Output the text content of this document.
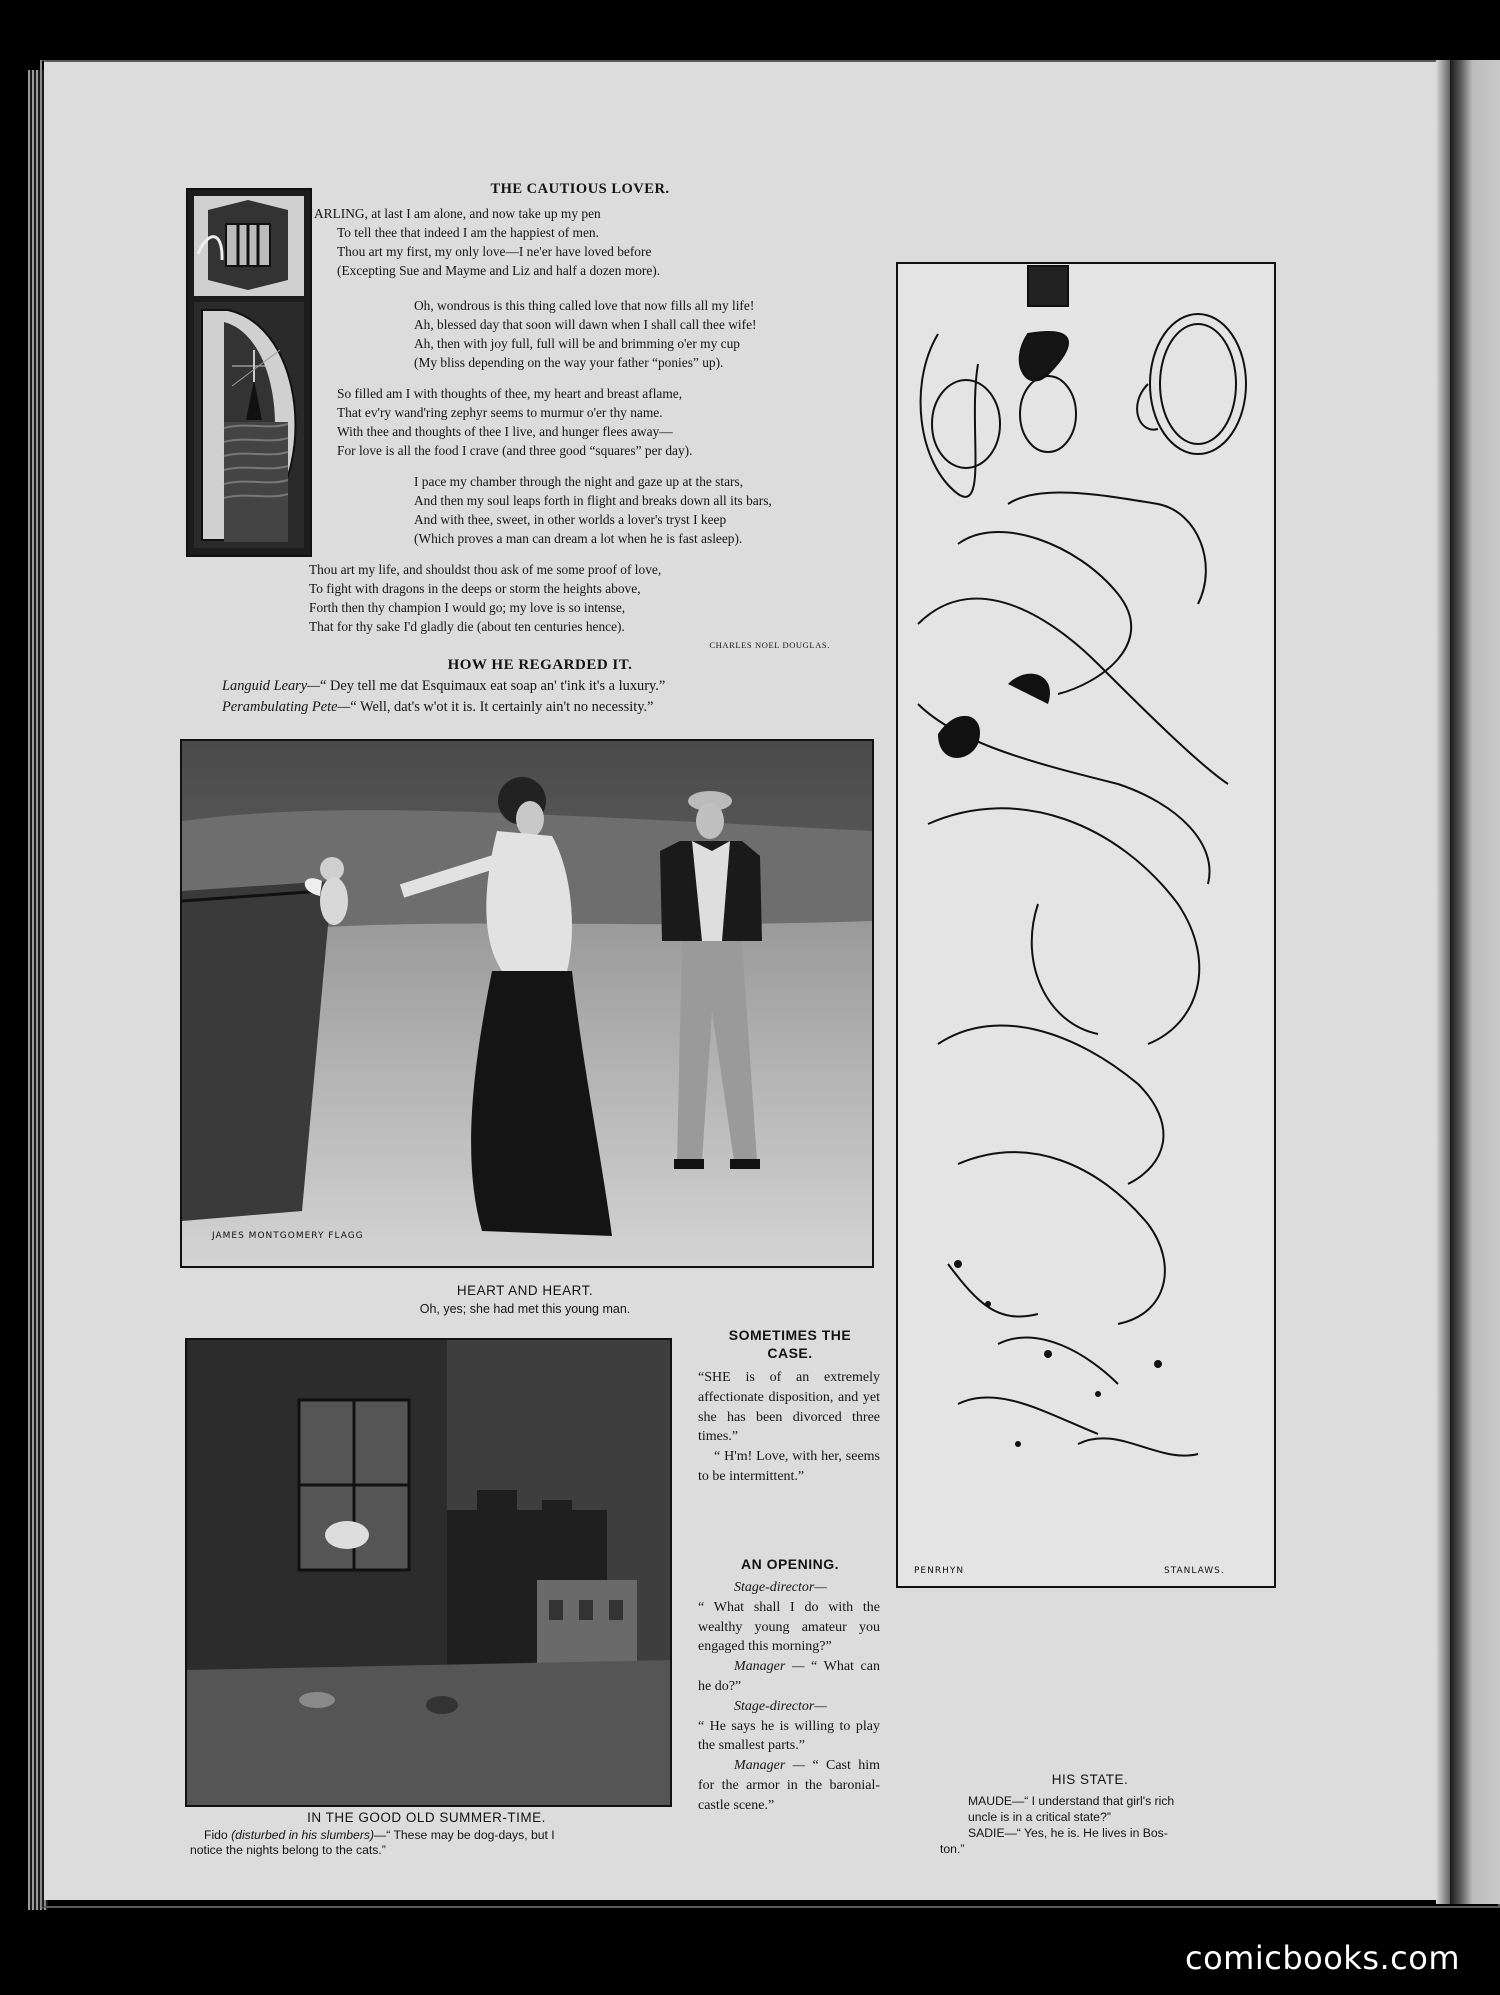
THE CAUTIOUS LOVER.
ARLING, at last I am alone, and now take up my pen
To tell thee that indeed I am the happiest of men.
Thou art my first, my only love—I ne'er have loved before
(Excepting Sue and Mayme and Liz and half a dozen more).
Oh, wondrous is this thing called love that now fills all my life!
Ah, blessed day that soon will dawn when I shall call thee wife!
Ah, then with joy full, full will be and brimming o'er my cup
(My bliss depending on the way your father “ponies” up).
So filled am I with thoughts of thee, my heart and breast aflame,
That ev'ry wand'ring zephyr seems to murmur o'er thy name.
With thee and thoughts of thee I live, and hunger flees away—
For love is all the food I crave (and three good “squares” per day).
I pace my chamber through the night and gaze up at the stars,
And then my soul leaps forth in flight and breaks down all its bars,
And with thee, sweet, in other worlds a lover's tryst I keep
(Which proves a man can dream a lot when he is fast asleep).
Thou art my life, and shouldst thou ask of me some proof of love,
To fight with dragons in the deeps or storm the heights above,
Forth then thy champion I would go; my love is so intense,
That for thy sake I'd gladly die (about ten centuries hence).
CHARLES NOEL DOUGLAS.
HOW HE REGARDED IT.
Languid Leary—“ Dey tell me dat Esquimaux eat soap an' t'ink it's a luxury.”
Perambulating Pete—“ Well, dat's w'ot it is. It certainly ain't no necessity.”
JAMES MONTGOMERY FLAGG
HEART AND HEART.
Oh, yes; she had met this young man.
IN THE GOOD OLD SUMMER-TIME.
Fido (disturbed in his slumbers)—“ These may be dog-days, but I
notice the nights belong to the cats.”
SOMETIMES THE
CASE.

“SHE is of an extremely affectionate disposition, and yet she has been divorced three times.”

“ H'm! Love, with her, seems to be intermittent.”

AN OPENING.

Stage-director—

“ What shall I do with the wealthy young amateur you engaged this morning?”

Manager — “ What can he do?”

Stage-director—

“ He says he is willing to play the smallest parts.”

Manager — “ Cast him for the armor in the baronial-castle scene.”

PENRHYN	STANLAWS.
HIS STATE.
MAUDE—“ I understand that girl's rich
uncle is in a critical state?”
SADIE—“ Yes, he is. He lives in Bos-
ton.”
comicbooks.com
